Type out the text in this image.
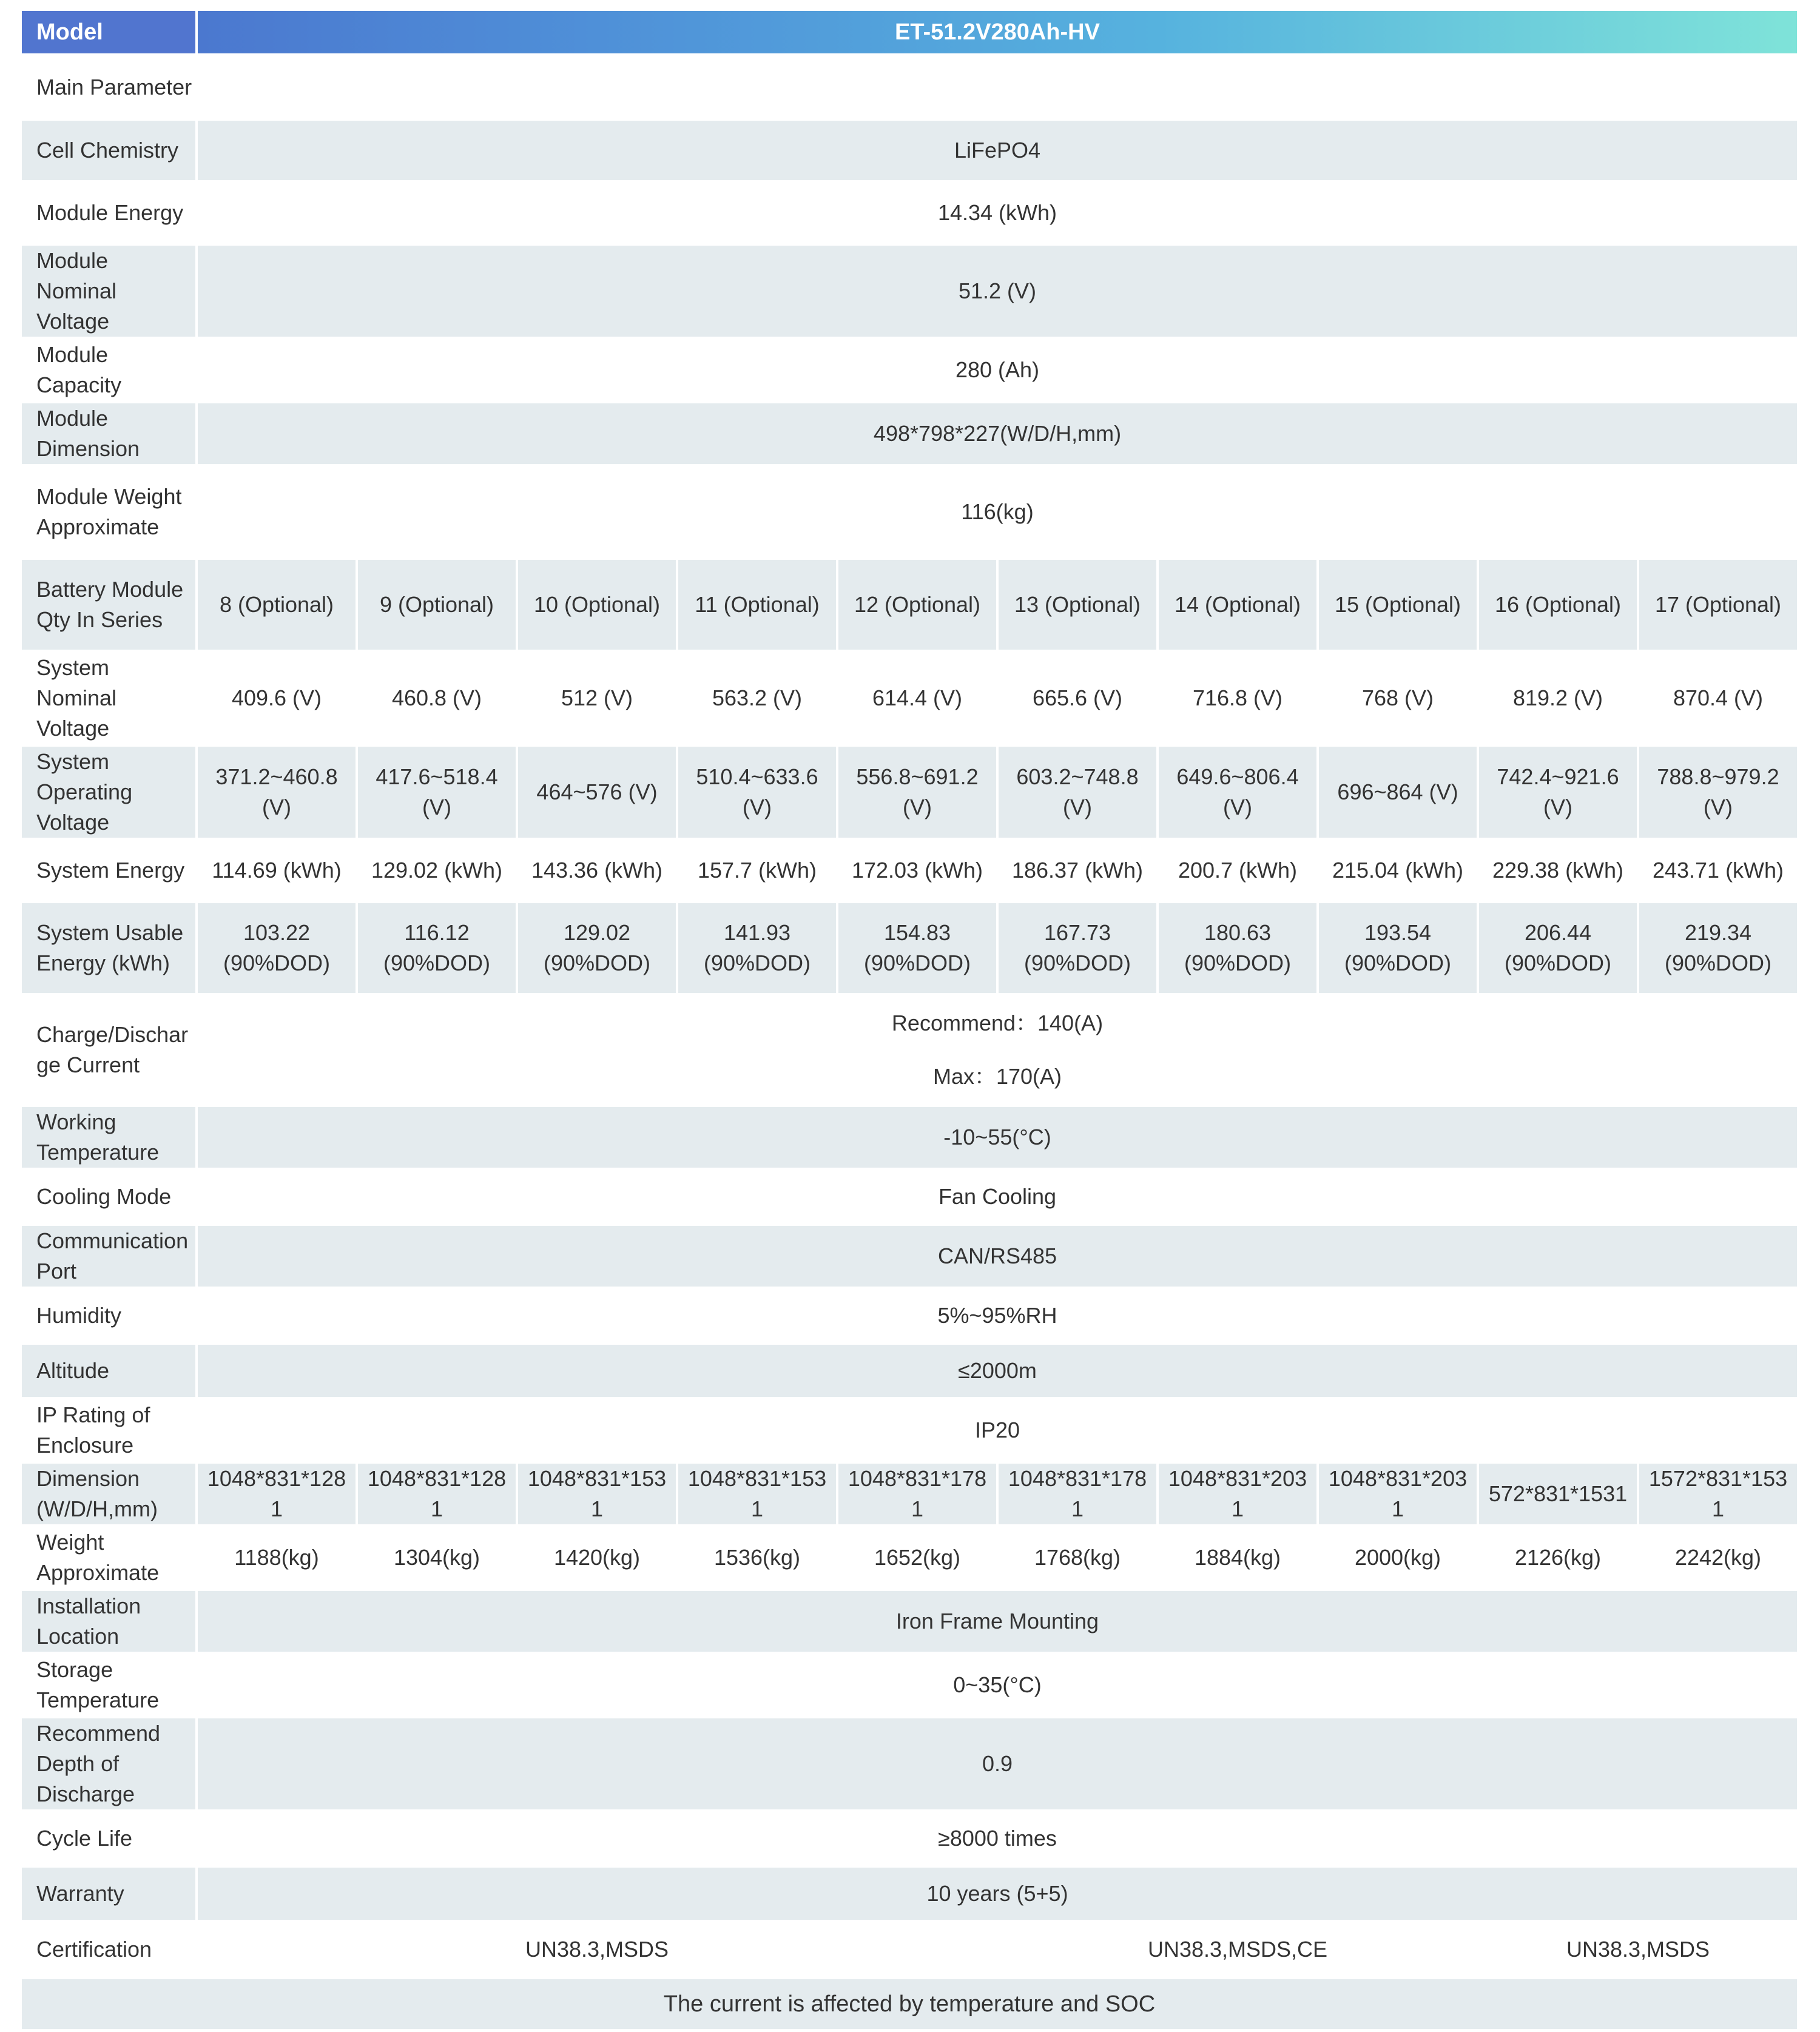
Model	ET-51.2V280Ah-HV									
Main Parameter										
Cell Chemistry	LiFePO4									
Module Energy	14.34 (kWh)									
Module Nominal Voltage	51.2 (V)									
Module Capacity	280 (Ah)									
Module Dimension	498*798*227(W/D/H,mm)									
Module Weight Approximate	116(kg)									
Battery Module Qty In Series	8 (Optional)	9 (Optional)	10 (Optional)	11 (Optional)	12 (Optional)	13 (Optional)	14 (Optional)	15 (Optional)	16 (Optional)	17 (Optional)
System Nominal Voltage	409.6 (V)	460.8 (V)	512 (V)	563.2 (V)	614.4 (V)	665.6 (V)	716.8 (V)	768 (V)	819.2 (V)	870.4 (V)
System Operating Voltage	371.2~460.8 (V)	417.6~518.4 (V)	464~576 (V)	510.4~633.6 (V)	556.8~691.2 (V)	603.2~748.8 (V)	649.6~806.4 (V)	696~864 (V)	742.4~921.6 (V)	788.8~979.2 (V)
System Energy	114.69 (kWh)	129.02 (kWh)	143.36 (kWh)	157.7 (kWh)	172.03 (kWh)	186.37 (kWh)	200.7 (kWh)	215.04 (kWh)	229.38 (kWh)	243.71 (kWh)
System Usable Energy (kWh)	103.22 (90%DOD)	116.12 (90%DOD)	129.02 (90%DOD)	141.93 (90%DOD)	154.83 (90%DOD)	167.73 (90%DOD)	180.63 (90%DOD)	193.54 (90%DOD)	206.44 (90%DOD)	219.34 (90%DOD)
Charge/Discharge Current	Recommend：140(A)
Max：170(A)									

Working Temperature	-10~55(°C)									
Cooling Mode	Fan Cooling									
Communication Port	CAN/RS485									
Humidity	5%~95%RH									
Altitude	≤2000m									
IP Rating of Enclosure	IP20									
Dimension (W/D/H,mm)	1048*831*1281	1048*831*1281	1048*831*1531	1048*831*1531	1048*831*1781	1048*831*1781	1048*831*2031	1048*831*2031	572*831*1531	1572*831*1531
Weight Approximate	1188(kg)	1304(kg)	1420(kg)	1536(kg)	1652(kg)	1768(kg)	1884(kg)	2000(kg)	2126(kg)	2242(kg)
Installation Location	Iron Frame Mounting									
Storage Temperature	0~35(°C)									
Recommend Depth of Discharge	0.9									
Cycle Life	≥8000 times									
Warranty	10 years (5+5)									
Certification	UN38.3,MSDS					UN38.3,MSDS,CE			UN38.3,MSDS	
The current is affected by temperature and SOC										
